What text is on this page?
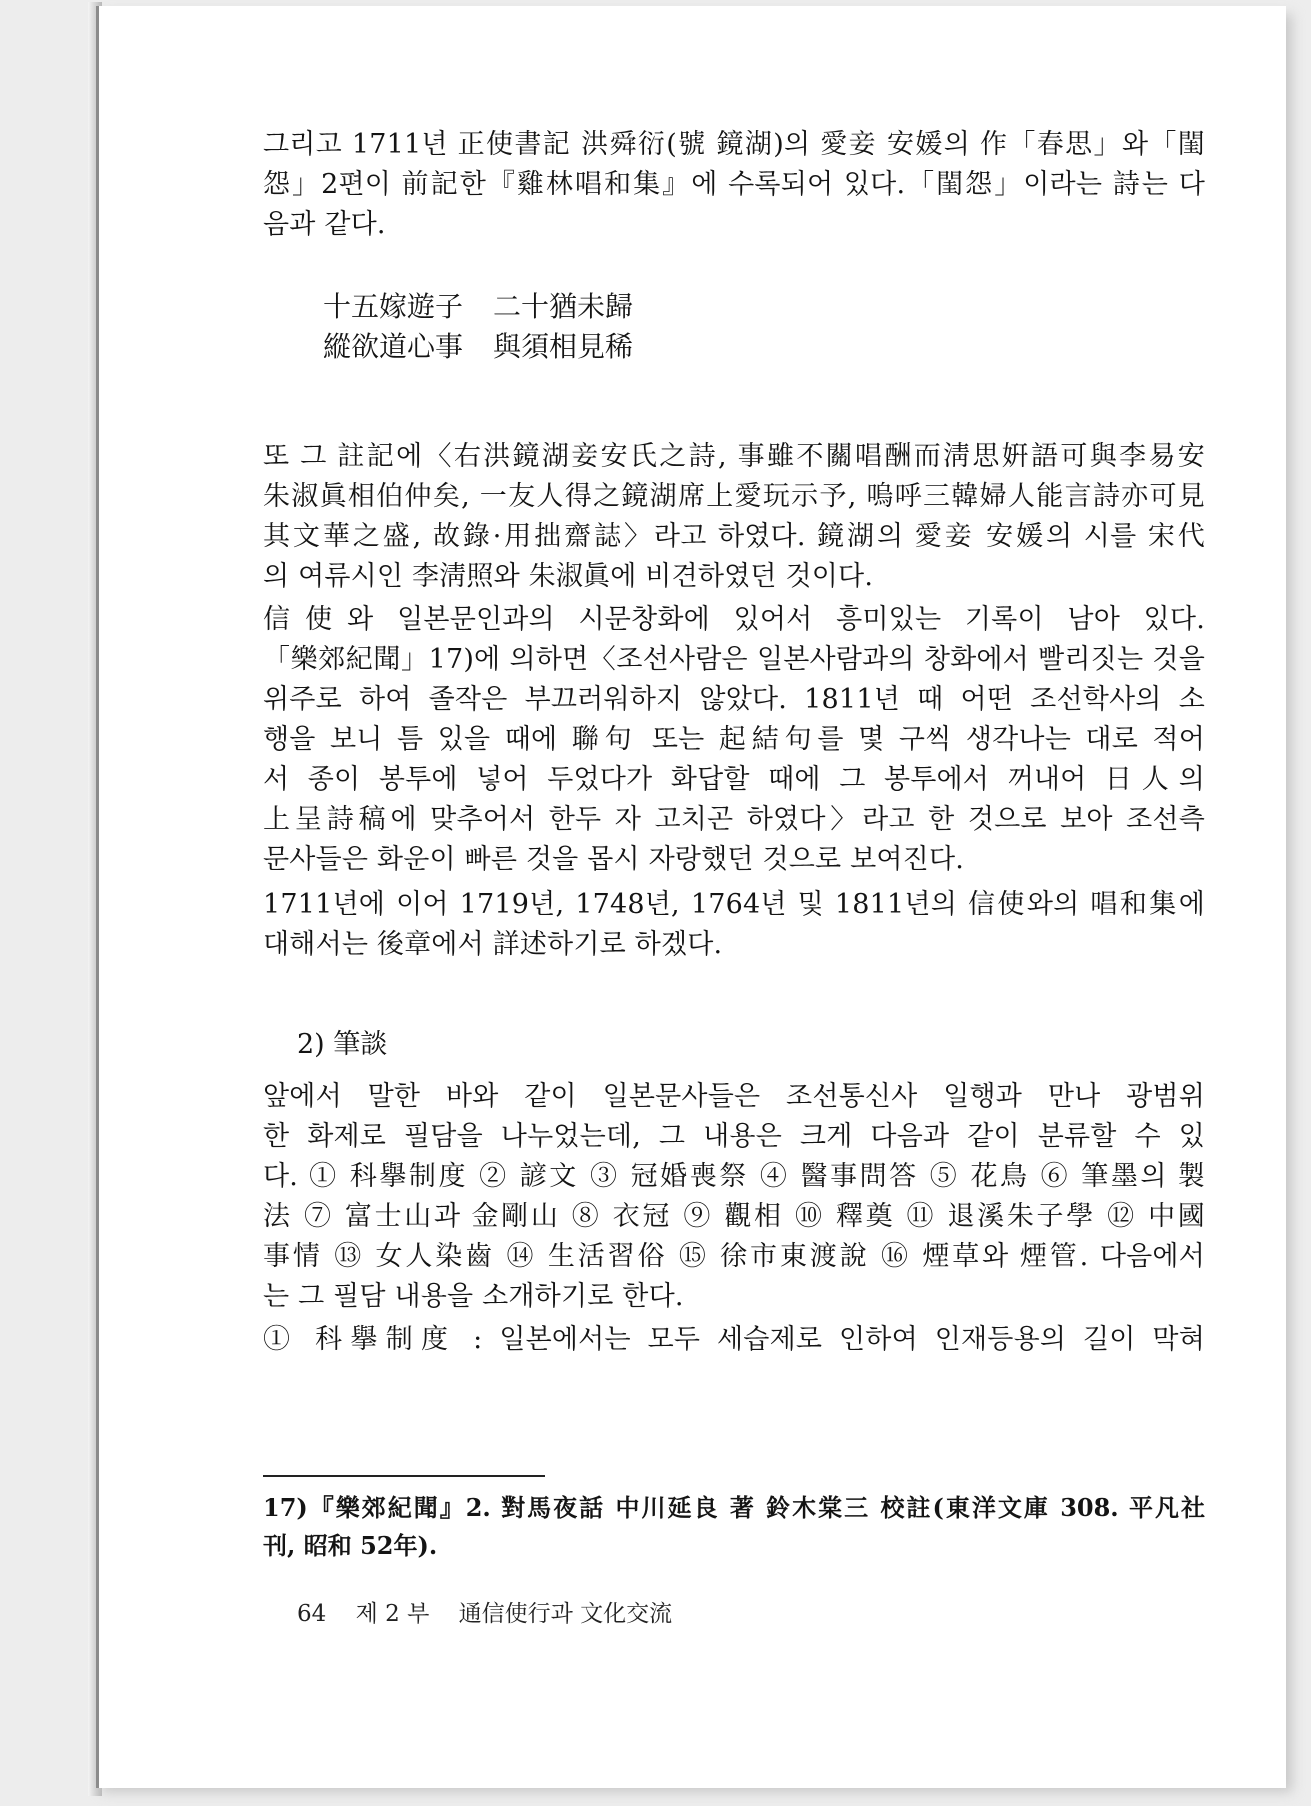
그리고 1711년 正使書記 洪舜衍(號 鏡湖)의 愛妾 安媛의 作「春思」와「閨
怨」2편이 前記한『雞林唱和集』에 수록되어 있다.「閨怨」이라는 詩는 다
음과 같다.
十五嫁遊子 二十猶未歸
縱欲道心事 與須相見稀
또 그 註記에〈右洪鏡湖妾安氏之詩, 事雖不關唱酬而淸思姸語可與李易安
朱淑眞相伯仲矣, 一友人得之鏡湖席上愛玩示予, 嗚呼三韓婦人能言詩亦可見
其文華之盛, 故錄·用拙齋誌〉라고 하였다. 鏡湖의 愛妾 安媛의 시를 宋代
의 여류시인 李淸照와 朱淑眞에 비견하였던 것이다.
信使와 일본문인과의 시문창화에 있어서 흥미있는 기록이 남아 있다.
「樂郊紀聞」17)에 의하면〈조선사람은 일본사람과의 창화에서 빨리짓는 것을
위주로 하여 졸작은 부끄러워하지 않았다. 1811년 때 어떤 조선학사의 소
행을 보니 틈 있을 때에 聯句 또는 起結句를 몇 구씩 생각나는 대로 적어
서 종이 봉투에 넣어 두었다가 화답할 때에 그 봉투에서 꺼내어 日人의
上呈詩稿에 맞추어서 한두 자 고치곤 하였다〉라고 한 것으로 보아 조선측
문사들은 화운이 빠른 것을 몹시 자랑했던 것으로 보여진다.
1711년에 이어 1719년, 1748년, 1764년 및 1811년의 信使와의 唱和集에
대해서는 後章에서 詳述하기로 하겠다.
2) 筆談
앞에서 말한 바와 같이 일본문사들은 조선통신사 일행과 만나 광범위
한 화제로 필담을 나누었는데, 그 내용은 크게 다음과 같이 분류할 수 있
다. ① 科擧制度 ② 諺文 ③ 冠婚喪祭 ④ 醫事問答 ⑤ 花鳥 ⑥ 筆墨의 製
法 ⑦ 富士山과 金剛山 ⑧ 衣冠 ⑨ 觀相 ⑩ 釋奠 ⑪ 退溪朱子學 ⑫ 中國
事情 ⑬ 女人染齒 ⑭ 生活習俗 ⑮ 徐市東渡說 ⑯ 煙草와 煙管. 다음에서
는 그 필담 내용을 소개하기로 한다.
① 科擧制度 : 일본에서는 모두 세습제로 인하여 인재등용의 길이 막혀
17)『樂郊紀聞』2. 對馬夜話 中川延良 著 鈴木棠三 校註(東洋文庫 308. 平凡社
刊, 昭和 52年).
64 제 2 부 通信使行과 文化交流
